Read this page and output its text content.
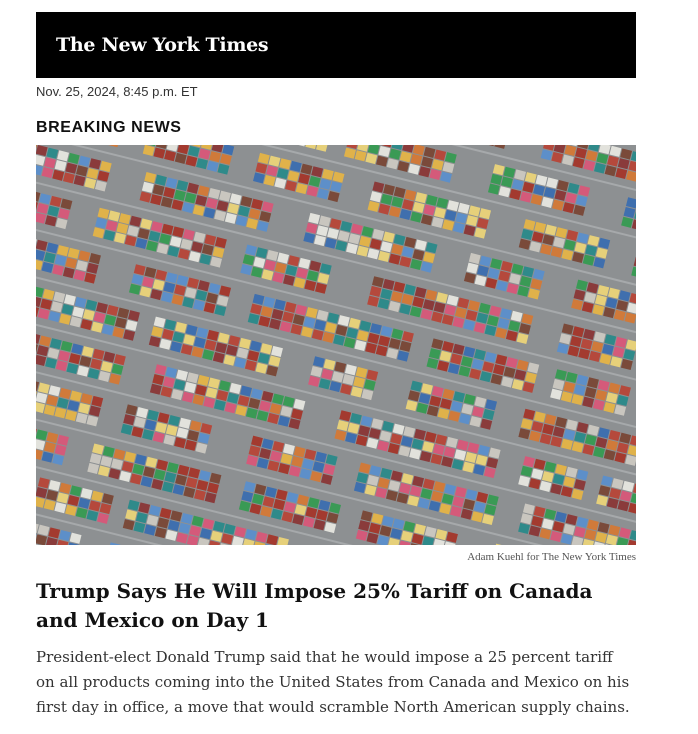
The New York Times
Nov. 25, 2024, 8:45 p.m. ET
BREAKING NEWS
Adam Kuehl for The New York Times
Trump Says He Will Impose 25% Tariff on Canada and Mexico on Day 1
President-elect Donald Trump said that he would impose a 25 percent tariff on all products coming into the United States from Canada and Mexico on his first day in office, a move that would scramble North American supply chains.
